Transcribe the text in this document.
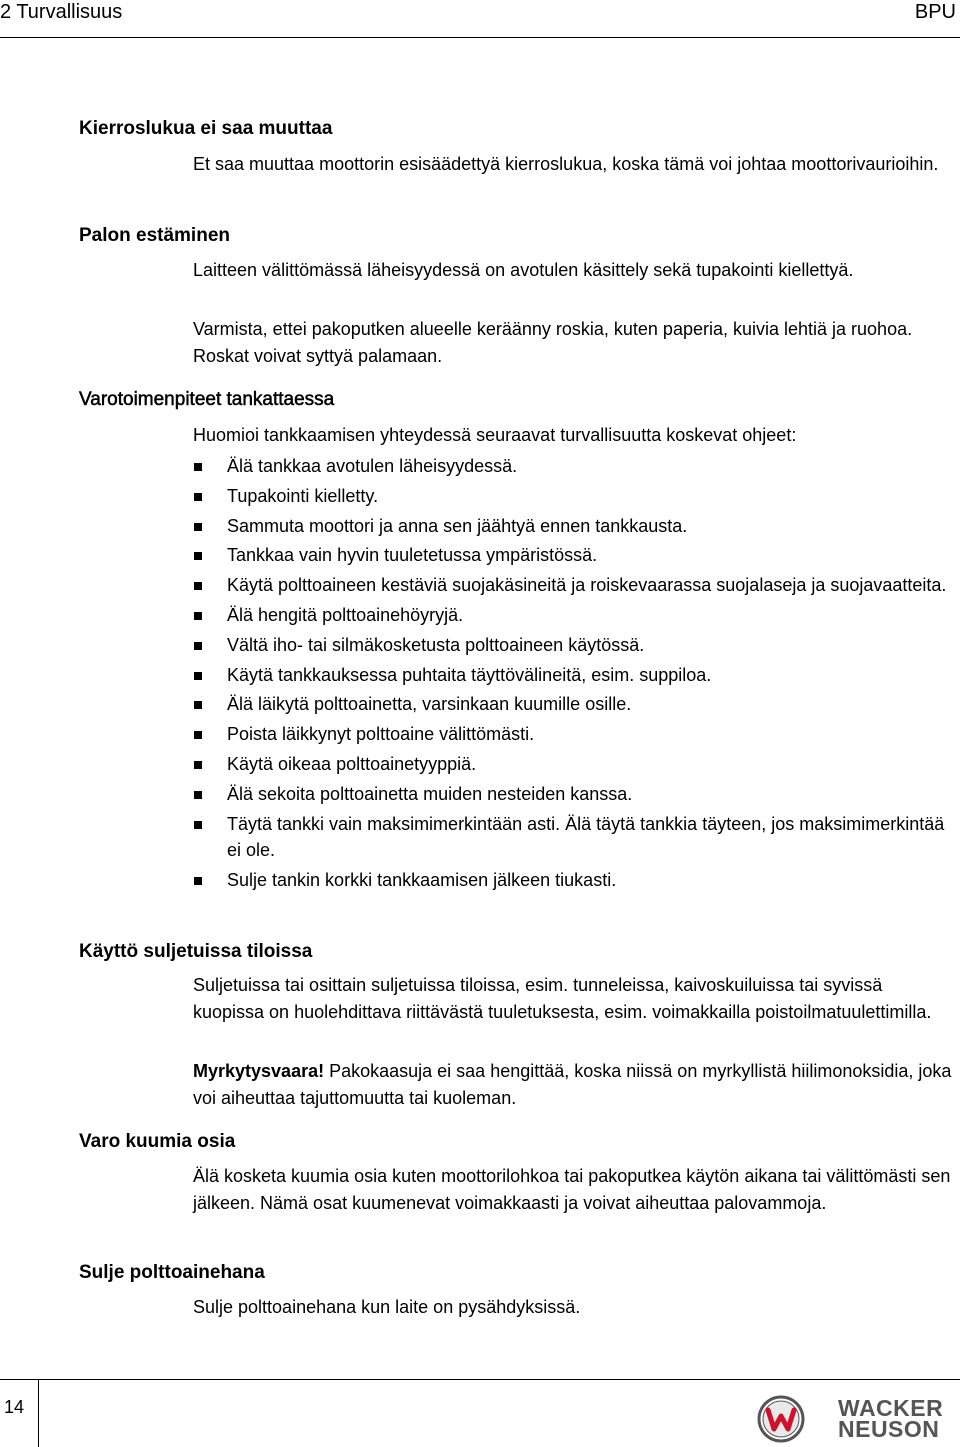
2 Turvallisuus	BPU
Kierroslukua ei saa muuttaa

Et saa muuttaa moottorin esisäädettyä kierroslukua, koska tämä voi johtaa moottorivaurioihin.

Palon estäminen

Laitteen välittömässä läheisyydessä on avotulen käsittely sekä tupakointi kiellettyä.

Varmista, ettei pakoputken alueelle keräänny roskia, kuten paperia, kuivia lehtiä ja ruohoa. Roskat voivat syttyä palamaan.

Varotoimenpiteet tankattaessa

Huomioi tankkaamisen yhteydessä seuraavat turvallisuutta koskevat ohjeet:

Älä tankkaa avotulen läheisyydessä.
Tupakointi kielletty.
Sammuta moottori ja anna sen jäähtyä ennen tankkausta.
Tankkaa vain hyvin tuuletetussa ympäristössä.
Käytä polttoaineen kestäviä suojakäsineitä ja roiskevaarassa suojalaseja ja suojavaatteita.
Älä hengitä polttoainehöyryjä.
Vältä iho- tai silmäkosketusta polttoaineen käytössä.
Käytä tankkauksessa puhtaita täyttövälineitä, esim. suppiloa.
Älä läikytä polttoainetta, varsinkaan kuumille osille.
Poista läikkynyt polttoaine välittömästi.
Käytä oikeaa polttoainetyyppiä.
Älä sekoita polttoainetta muiden nesteiden kanssa.
Täytä tankki vain maksimimerkintään asti. Älä täytä tankkia täyteen, jos maksimimerkintää ei ole.
Sulje tankin korkki tankkaamisen jälkeen tiukasti.
Käyttö suljetuissa tiloissa

Suljetuissa tai osittain suljetuissa tiloissa, esim. tunneleissa, kaivoskuiluissa tai syvissä kuopissa on huolehdittava riittävästä tuuletuksesta, esim. voimakkailla poistoilmatuulettimilla.

Myrkytysvaara! Pakokaasuja ei saa hengittää, koska niissä on myrkyllistä hiilimonoksidia, joka voi aiheuttaa tajuttomuutta tai kuoleman.

Varo kuumia osia

Älä kosketa kuumia osia kuten moottorilohkoa tai pakoputkea käytön aikana tai välittömästi sen jälkeen. Nämä osat kuumenevat voimakkaasti ja voivat aiheuttaa palovammoja.

Sulje polttoainehana

Sulje polttoainehana kun laite on pysähdyksissä.

14	WACKER
NEUSON
